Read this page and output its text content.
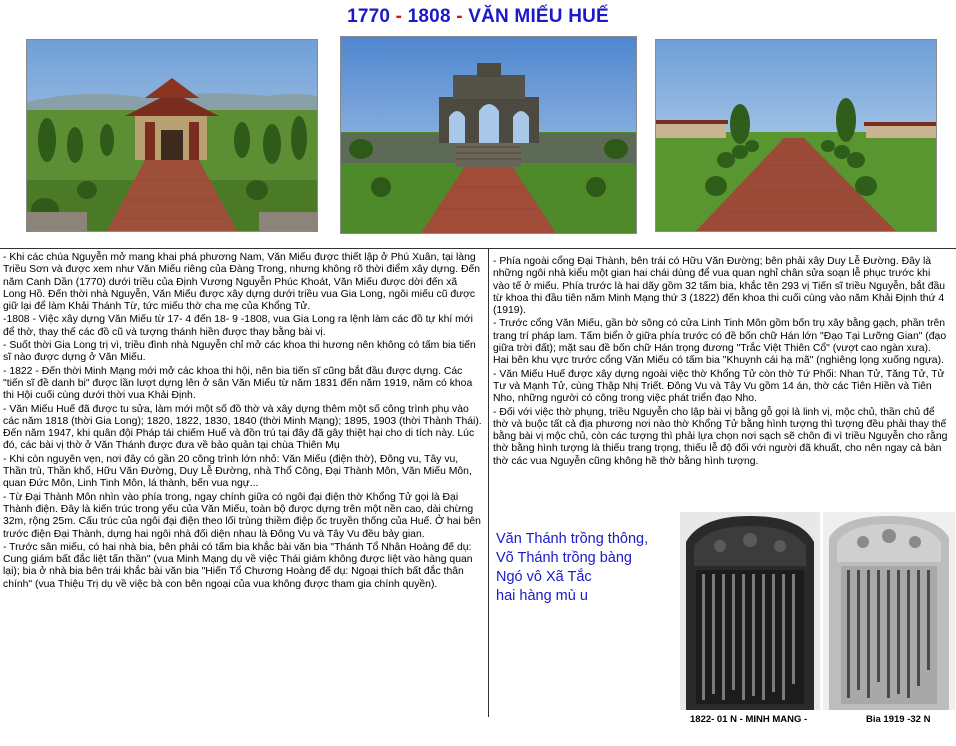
1770 - 1808 - VĂN MIẾU HUẾ

- Khi các chúa Nguyễn mở mang khai phá phương Nam, Văn Miếu được thiết lập ở Phú Xuân, tại làng Triều Sơn và được xem như Văn Miếu riêng của Đàng Trong, nhưng không rõ thời điểm xây dựng. Đến năm Canh Dần (1770) dưới triều của Định Vương Nguyễn Phúc Khoát, Văn Miếu được dời đến xã Long Hồ. Đến thời nhà Nguyễn, Văn Miếu được xây dựng dưới triều vua Gia Long, ngôi miếu cũ được giữ lại để làm Khải Thánh Từ, tức miếu thờ cha mẹ của Khổng Tử.

-1808 - Việc xây dựng Văn Miếu từ 17- 4 đến 18- 9 -1808, vua Gia Long ra lệnh làm các đồ tự khí mới để thờ, thay thế các đồ cũ và tượng thánh hiền được thay bằng bài vị.

- Suốt thời Gia Long trị vì, triều đình nhà Nguyễn chỉ mở các khoa thi hương nên không có tấm bia tiến sĩ nào được dựng ở Văn Miếu.

- 1822 - Đến thời Minh Mạng mới mở các khoa thi hội, nên bia tiến sĩ cũng bắt đầu được dựng. Các "tiến sĩ đề danh bi" được lần lượt dựng lên ở sân Văn Miếu từ năm 1831 đến năm 1919, năm có khoa thi Hội cuối cùng dưới thời vua Khải Định.

- Văn Miếu Huế đã được tu sửa, làm mới một số đồ thờ và xây dựng thêm một số công trình phụ vào các năm 1818 (thời Gia Long); 1820, 1822, 1830, 1840 (thời Minh Mạng); 1895, 1903 (thời Thành Thái). Đến năm 1947, khi quân đội Pháp tái chiếm Huế và đồn trú tại đây đã gây thiệt hại cho di tích này. Lúc đó, các bài vị thờ ở Văn Thánh được đưa về bảo quản tại chùa Thiên Mụ

- Khi còn nguyên vẹn, nơi đây có gần 20 công trình lớn nhỏ: Văn Miếu (điện thờ), Đông vu, Tây vu, Thần trù, Thần khố, Hữu Văn Đường, Duy Lễ Đường, nhà Thổ Công, Đại Thành Môn, Văn Miếu Môn, quan Đức Môn, Linh Tinh Môn, lá thành, bến vua ngự...

- Từ Đại Thành Môn nhìn vào phía trong, ngay chính giữa có ngôi đại điện thờ Khổng Tử gọi là Đại Thành điện. Đây là kiến trúc trong yếu của Văn Miếu, toàn bộ được dựng trên một nền cao, dài chừng 32m, rộng 25m. Cấu trúc của ngôi đại điện theo lối trùng thiềm điệp ốc truyền thống của Huế. Ở hai bên trước điện Đại Thành, dựng hai ngôi nhà đối diện nhau là Đông Vu và Tây Vu đều bảy gian.

- Trước sân miếu, có hai nhà bia, bên phải có tấm bia khắc bài văn bia "Thánh Tổ Nhân Hoàng đế dụ: Cung giám bất đắc liệt tấn thần" (vua Minh Mạng dụ về việc Thái giám không được liệt vào hàng quan lại); bia ở nhà bia bên trái khắc bài văn bia "Hiến Tổ Chương Hoàng đế dụ: Ngoại thích bất đắc thân chính" (vua Thiệu Trị dụ về việc bà con bên ngoại của vua không được tham gia chính quyền).

- Phía ngoài cổng Đại Thành, bên trái có Hữu Văn Đường; bên phải xây Duy Lễ Đường. Đây là những ngôi nhà kiểu một gian hai chái dùng để vua quan nghỉ chân sửa soạn lễ phục trước khi vào tế ở miếu. Phía trước là hai dãy gồm 32 tấm bia, khắc tên 293 vị Tiến sĩ triều Nguyễn, bắt đầu từ khoa thi đầu tiên năm Minh Mạng thứ 3 (1822) đến khoa thi cuối cùng vào năm Khải Định thứ 4 (1919).

- Trước cổng Văn Miếu, gần bờ sông có cửa Linh Tinh Môn gồm bốn trụ xây bằng gạch, phần trên trang trí pháp lam. Tấm biển ở giữa phía trước có đề bốn chữ Hán lớn "Đạo Tại Lưỡng Gian" (đạo giữa trời đất); mặt sau đề bốn chữ Hán trọng đương "Trắc Việt Thiên Cổ" (vượt cao ngàn xưa). Hai bên khu vực trước cổng Văn Miếu có tấm bia "Khuynh cái hạ mã" (nghiêng lọng xuống ngựa).

- Văn Miếu Huế được xây dựng ngoài việc thờ Khổng Tử còn thờ Tứ Phối: Nhan Tử, Tăng Tử, Tử Tư và Mạnh Tử, cùng Thập Nhị Triết. Đông Vu và Tây Vu gồm 14 án, thờ các Tiên Hiền và Tiên Nho, những người có công trong việc phát triển đạo Nho.

- Đối với việc thờ phụng, triều Nguyễn cho lập bài vị bằng gỗ gọi là linh vị, mộc chủ, thần chủ để thờ và buộc tất cả địa phương nơi nào thờ Khổng Tử bằng hình tượng thì tượng đều phải thay thế bằng bài vị mộc chủ, còn các tượng thì phải lựa chọn nơi sạch sẽ chôn đi vì triều Nguyễn cho rằng thờ bằng hình tượng là thiếu trang trọng, thiếu lễ độ đối với người đã khuất, cho nên ngay cả bàn thờ các vua Nguyễn cũng không hề thờ bằng hình tượng.

Văn Thánh trồng thông,
Võ Thánh trồng bàng
Ngó vô Xã Tắc
hai hàng mù u
1822- 01 N - MINH MANG -	Bia 1919 -32 N
